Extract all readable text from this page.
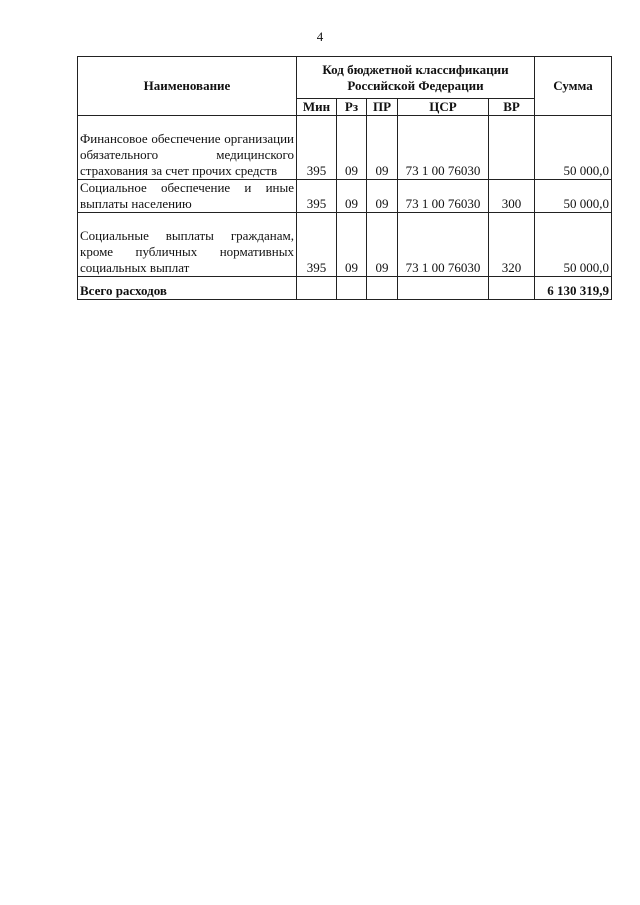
4
Наименование	Код бюджетной классификации Российской Федерации					Сумма
	Мин	Рз	ПР	ЦСР	ВР	
Финансовое обеспечение организации обязательного медицинского страхования за счет прочих средств	395	09	09	73 1 00 76030		50 000,0
Социальное обеспечение и иные выплаты населению	395	09	09	73 1 00 76030	300	50 000,0
Социальные выплаты гражданам, кроме публичных нормативных социальных выплат	395	09	09	73 1 00 76030	320	50 000,0
Всего расходов						6 130 319,9
